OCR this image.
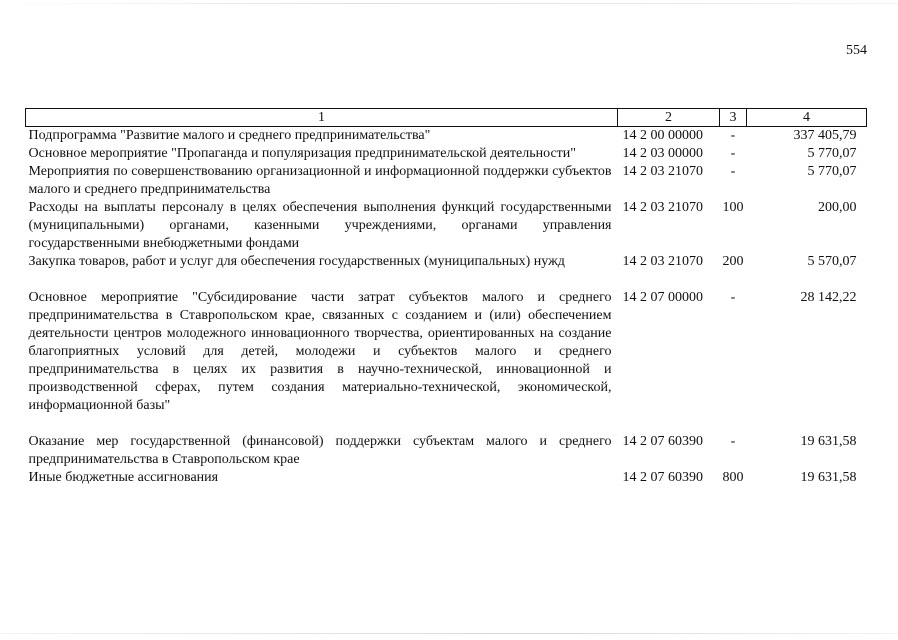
554
1	2	3	4
Подпрограмма "Развитие малого и среднего предпринимательства"	14 2 00 00000	-	337 405,79
Основное мероприятие "Пропаганда и популяризация предпринимательской деятельности"	14 2 03 00000	-	5 770,07
Мероприятия по совершенствованию организационной и информационной поддержки субъектов малого и среднего предпринимательства	14 2 03 21070	-	5 770,07
Расходы на выплаты персоналу в целях обеспечения выполнения функций государственными (муниципальными) органами, казенными учреждениями, органами управления государственными внебюджетными фондами	14 2 03 21070	100	200,00
Закупка товаров, работ и услуг для обеспечения государственных (муниципальных) нужд	14 2 03 21070	200	5 570,07
Основное мероприятие "Субсидирование части затрат субъектов малого и среднего предпринимательства в Ставропольском крае, связанных с созданием и (или) обеспечением деятельности центров молодежного инновационного творчества, ориентированных на создание благоприятных условий для детей, молодежи и субъектов малого и среднего предпринимательства в целях их развития в научно-технической, инновационной и производственной сферах, путем создания материально-технической, экономической, информационной базы"	14 2 07 00000	-	28 142,22
Оказание мер государственной (финансовой) поддержки субъектам малого и среднего предпринимательства в Ставропольском крае	14 2 07 60390	-	19 631,58
Иные бюджетные ассигнования	14 2 07 60390	800	19 631,58
